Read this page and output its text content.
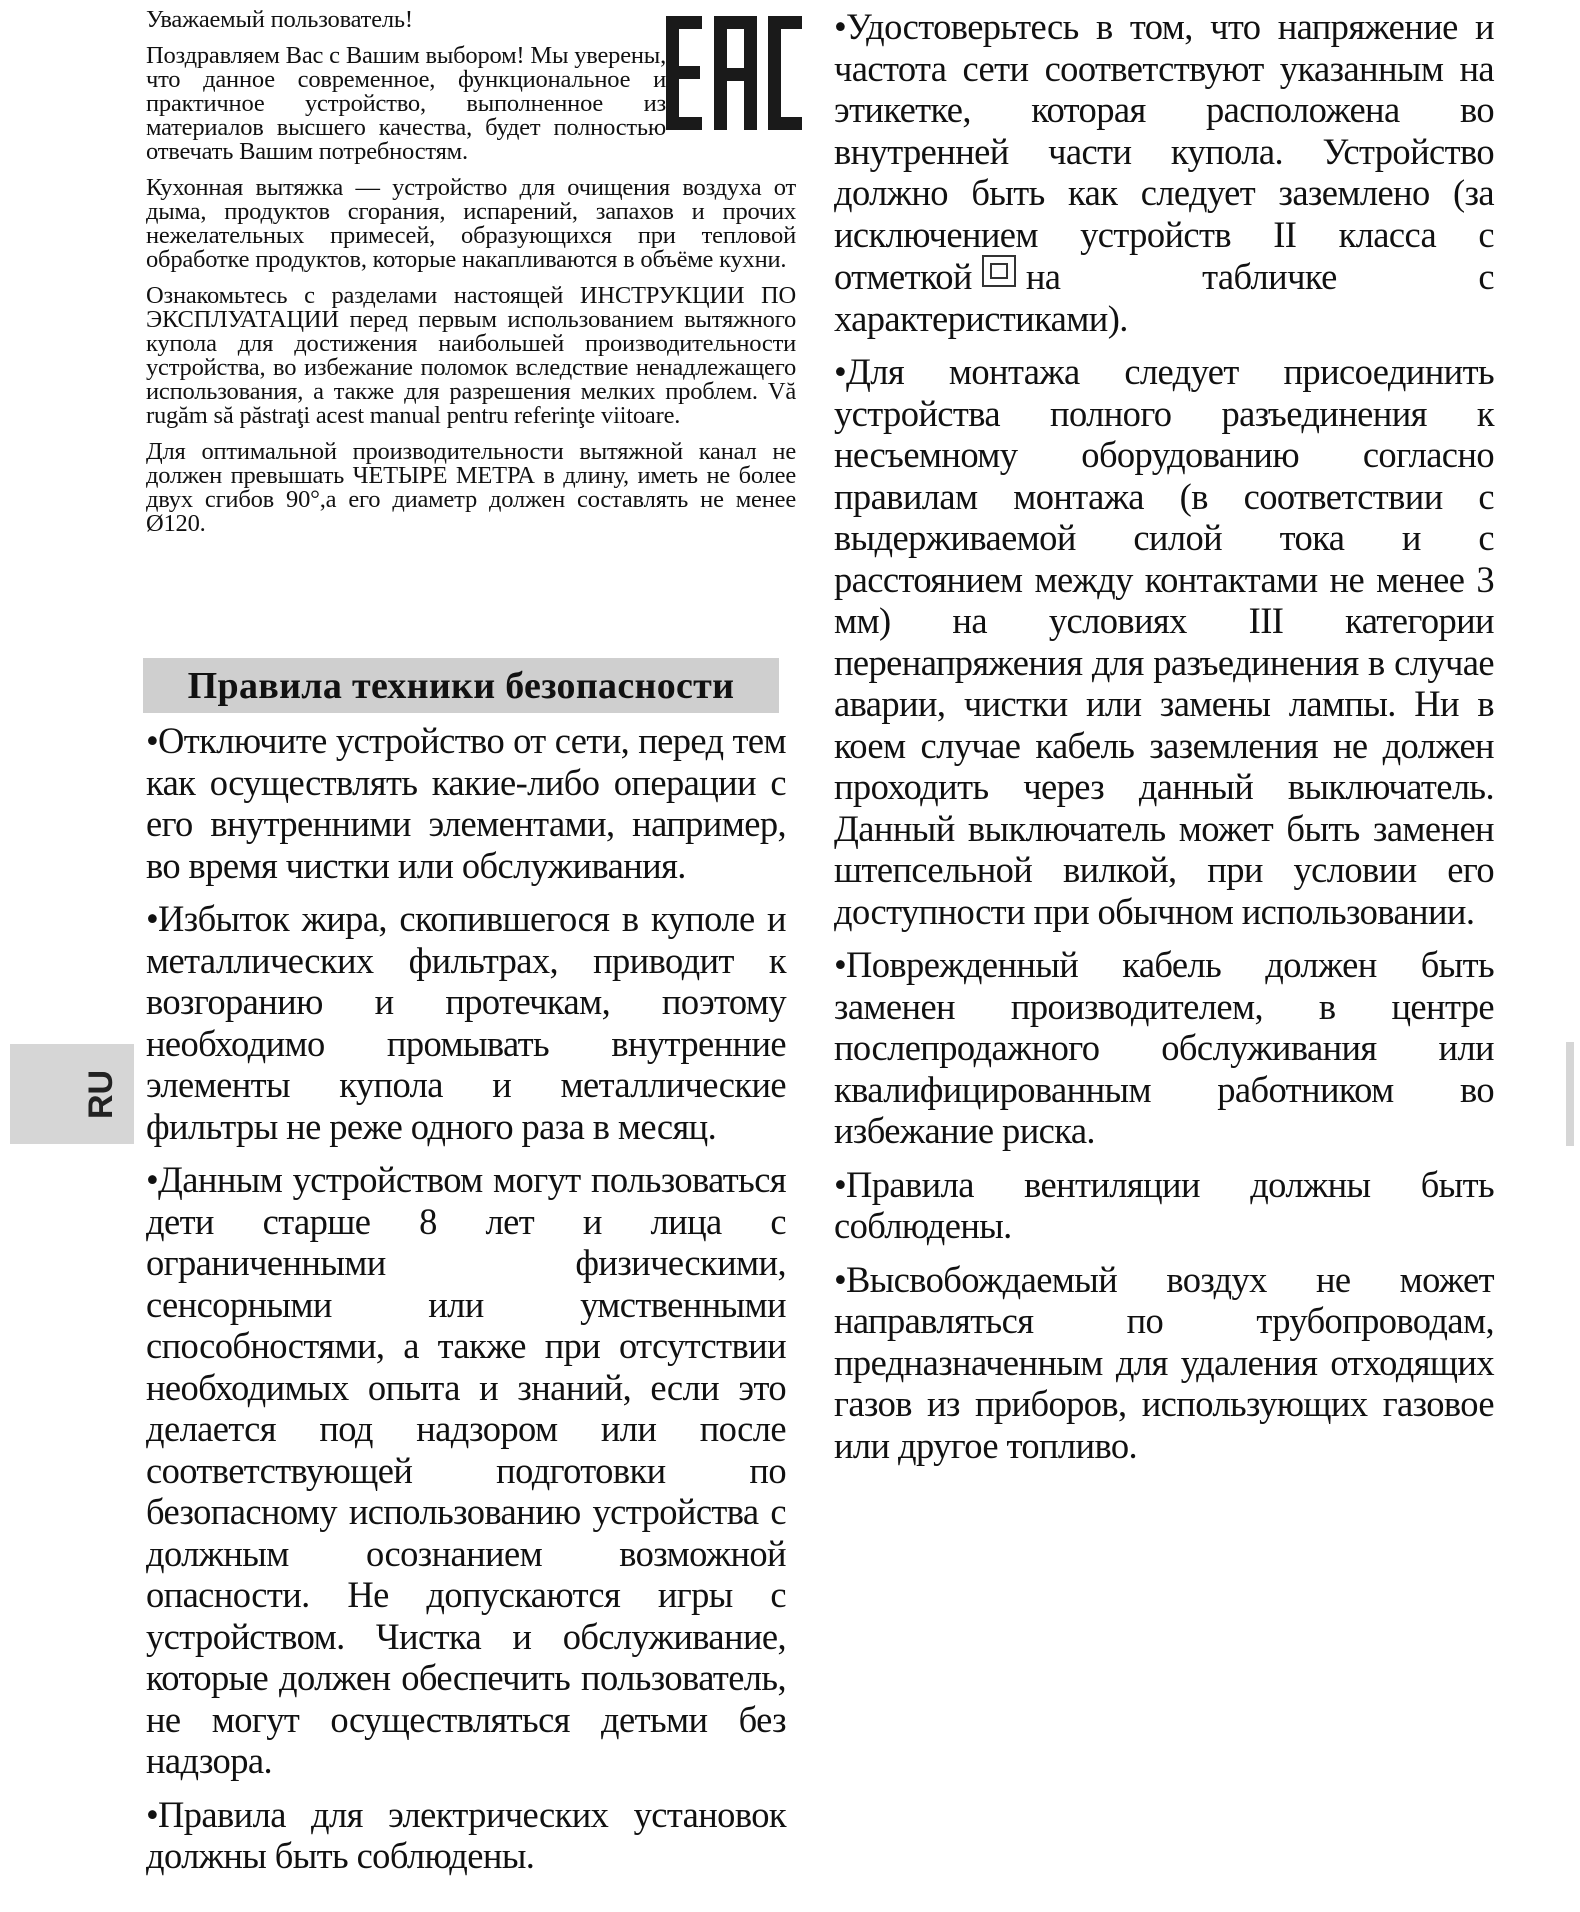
Уважаемый пользователь!

Поздравляем Вас с Вашим выбором! Мы уверены, что данное современное, функциональное и практичное устройство, выполненное из материалов высшего качества, будет полностью отвечать Вашим потребностям.

Кухонная вытяжка — устройство для очищения воздуха от дыма, продуктов сгорания, испарений, запахов и прочих нежелательных примесей, образующихся при тепловой обработке продуктов, которые накапливаются в объёме кухни.

Ознакомьтесь с разделами настоящей ИНСТРУКЦИИ ПО ЭКСПЛУАТАЦИИ перед первым использованием вытяжного купола для достижения наибольшей производительности устройства, во избежание поломок вследствие ненадлежащего использования, а также для разрешения мелких проблем. Vă rugăm să păstraţi acest manual pentru referinţe viitoare.

Для оптимальной производительности вытяжной канал не должен превышать ЧЕТЫРЕ МЕТРА в длину, иметь не более двух сгибов 90°,а его диаметр должен составлять не менее Ø120.

Правила техники безопасности
•Отключите устройство от сети, перед тем как осуществлять какие-либо операции с его внутренними элементами, например, во время чистки или обслуживания.
•Избыток жира, скопившегося в куполе и металлических фильтрах, приводит к возгоранию и протечкам, поэтому необходимо промывать внутренние элементы купола и металлические фильтры не реже одного раза в месяц.
•Данным устройством могут пользоваться дети старше 8 лет и лица с ограниченными физическими, сенсорными или умственными способностями, а также при отсутствии необходимых опыта и знаний, если это делается под надзором или после соответствующей подготовки по безопасному использованию устройства с должным осознанием возможной опасности. Не допускаются игры с устройством. Чистка и обслуживание, которые должен обеспечить пользователь, не могут осуществляться детьми без надзора.
•Правила для электрических установок должны быть соблюдены.
•Удостоверьтесь в том, что напряжение и частота сети соответствуют указанным на этикетке, которая расположена во внутренней части купола. Устройство должно быть как следует заземлено (за исключением устройств II класса с отметкой на табличке с характеристиками).
•Для монтажа следует присоединить устройства полного разъединения к несъемному оборудованию согласно правилам монтажа (в соответствии с выдерживаемой силой тока и с расстоянием между контактами не менее 3 мм) на условиях III категории перенапряжения для разъединения в случае аварии, чистки или замены лампы. Ни в коем случае кабель заземления не должен проходить через данный выключатель. Данный выключатель может быть заменен штепсельной вилкой, при условии его доступности при обычном использовании.
•Поврежденный кабель должен быть заменен производителем, в центре послепродажного обслуживания или квалифицированным работником во избежание риска.
•Правила вентиляции должны быть соблюдены.
•Высвобождаемый воздух не может направляться по трубопроводам, предназначенным для удаления отходящих газов из приборов, использующих газовое или другое топливо.
RU
